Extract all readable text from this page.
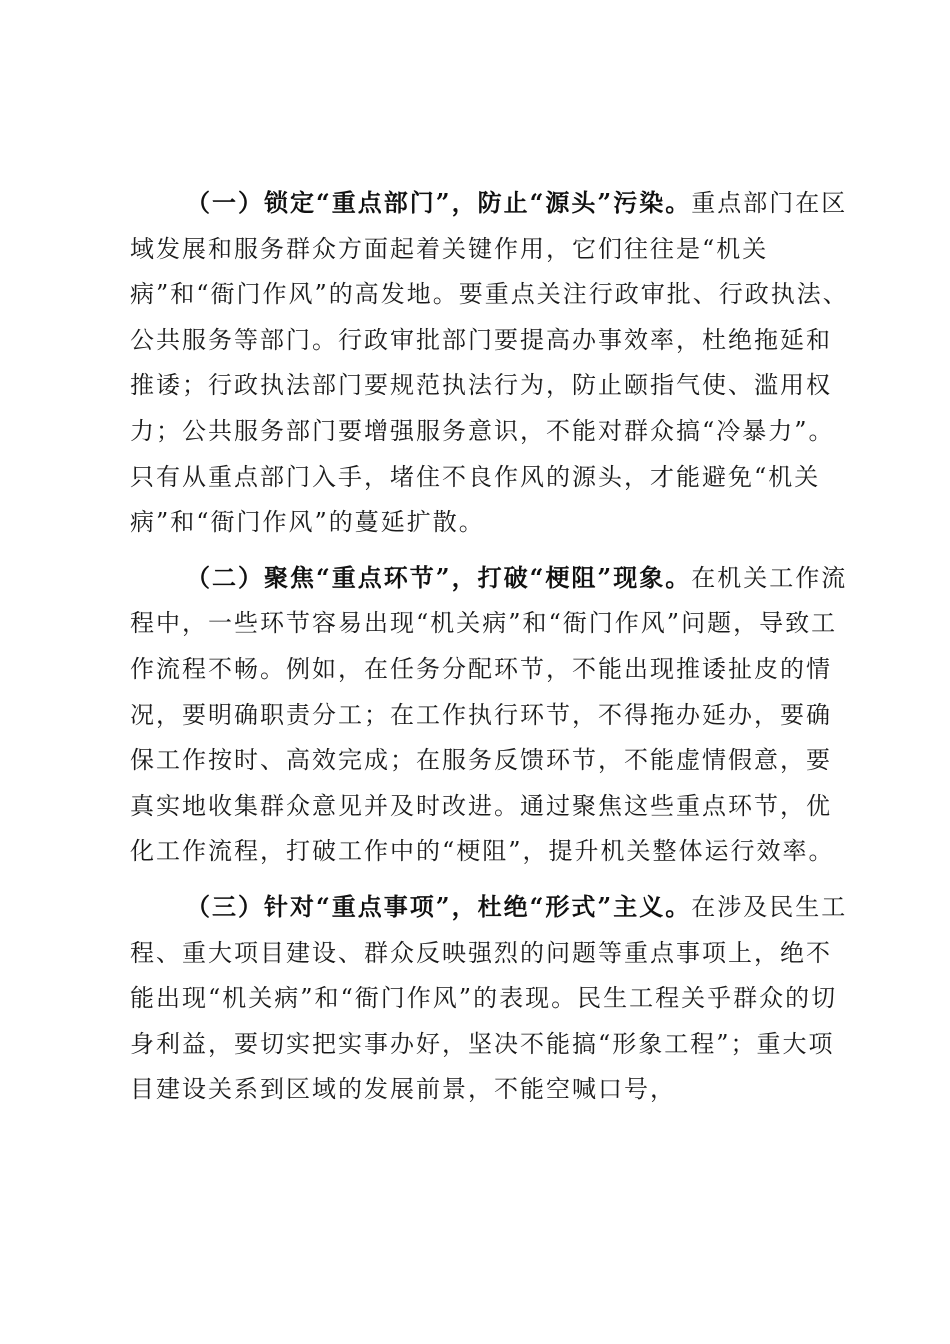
（一）锁定“重点部门”，防止“源头”污染。重点部门在区域发展和服务群众方面起着关键作用，它们往往是“机关病”和“衙门作风”的高发地。要重点关注行政审批、行政执法、公共服务等部门。行政审批部门要提高办事效率，杜绝拖延和推诿；行政执法部门要规范执法行为，防止颐指气使、滥用权力；公共服务部门要增强服务意识，不能对群众搞“冷暴力”。只有从重点部门入手，堵住不良作风的源头，才能避免“机关病”和“衙门作风”的蔓延扩散。

（二）聚焦“重点环节”，打破“梗阻”现象。在机关工作流程中，一些环节容易出现“机关病”和“衙门作风”问题，导致工作流程不畅。例如，在任务分配环节，不能出现推诿扯皮的情况，要明确职责分工；在工作执行环节，不得拖办延办，要确保工作按时、高效完成；在服务反馈环节，不能虚情假意，要真实地收集群众意见并及时改进。通过聚焦这些重点环节，优化工作流程，打破工作中的“梗阻”，提升机关整体运行效率。

（三）针对“重点事项”，杜绝“形式”主义。在涉及民生工程、重大项目建设、群众反映强烈的问题等重点事项上，绝不能出现“机关病”和“衙门作风”的表现。民生工程关乎群众的切身利益，要切实把实事办好，坚决不能搞“形象工程”；重大项目建设关系到区域的发展前景，不能空喊口号，
